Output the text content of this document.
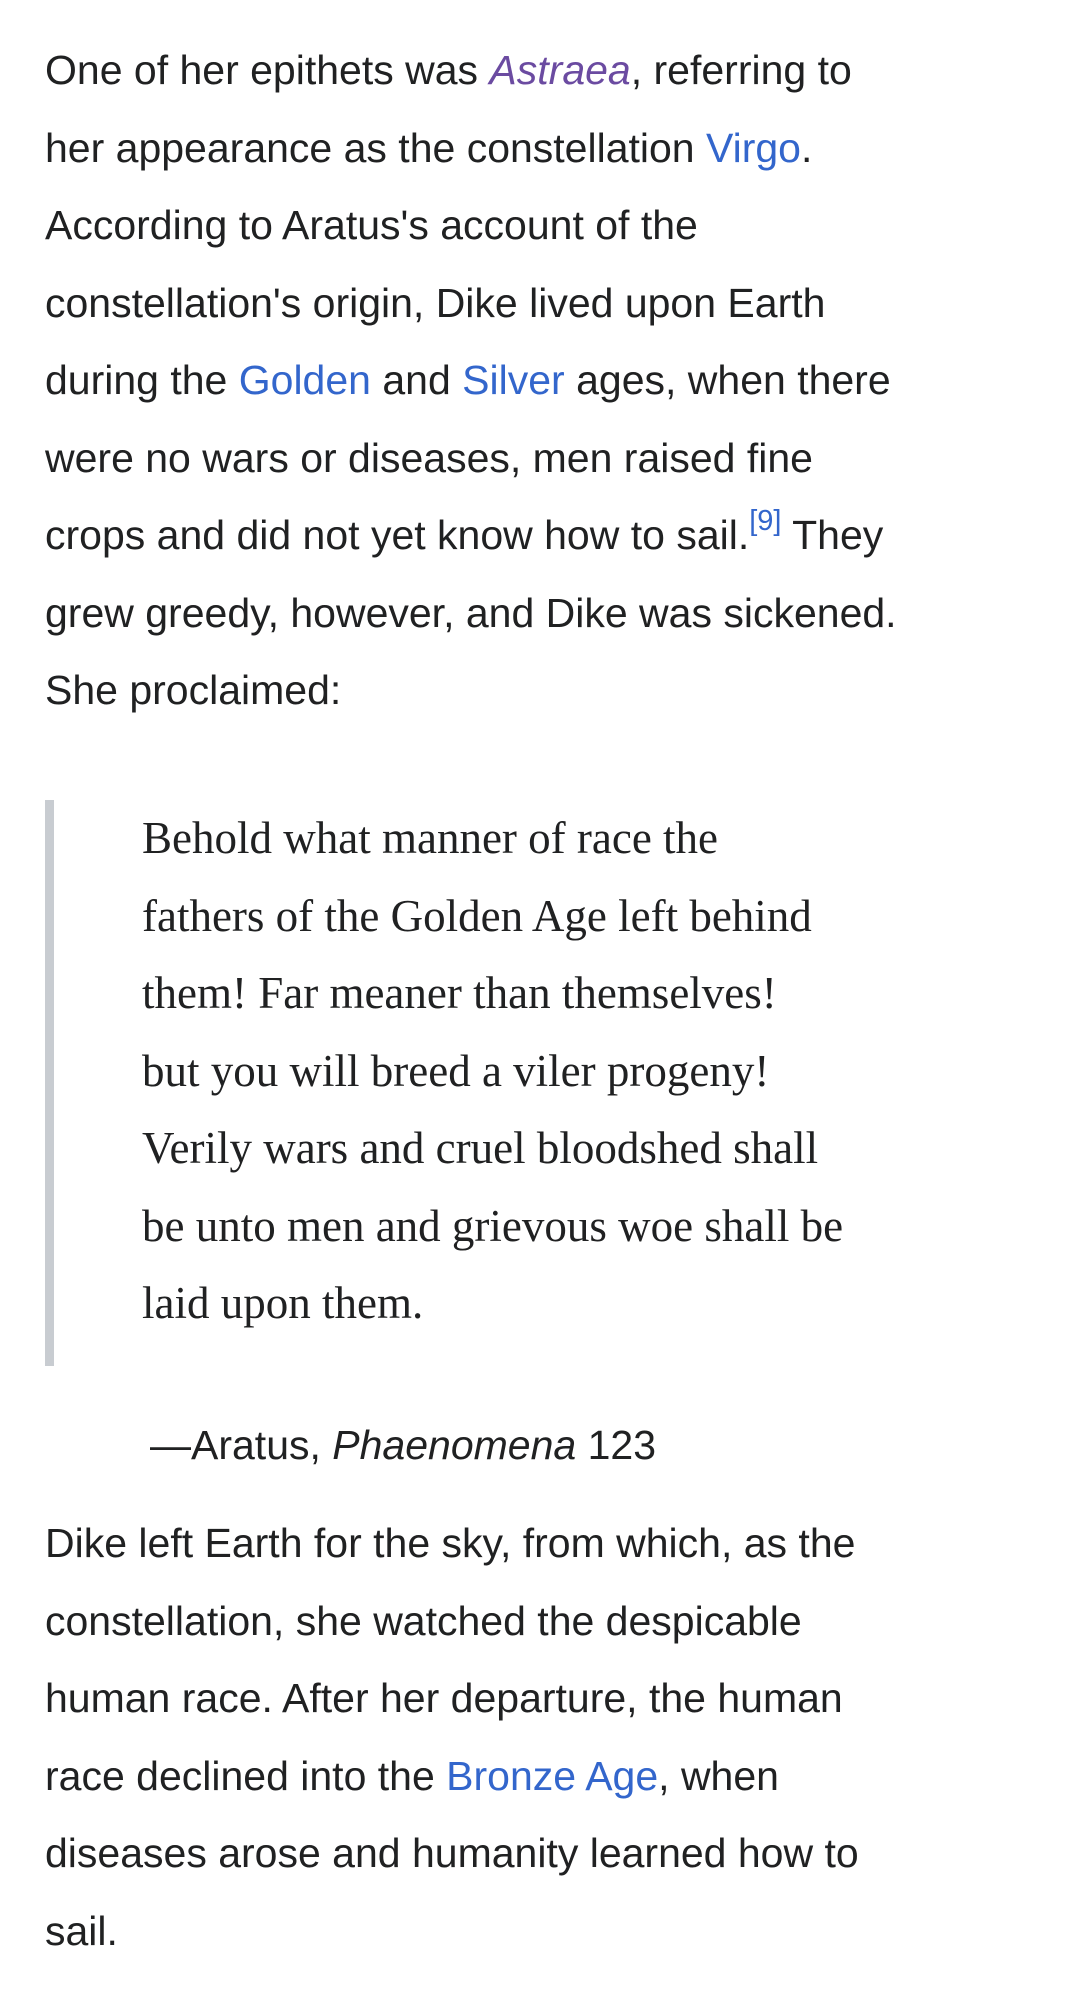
One of her epithets was Astraea, referring to
her appearance as the constellation Virgo.
According to Aratus's account of the
constellation's origin, Dike lived upon Earth
during the Golden and Silver ages, when there
were no wars or diseases, men raised fine
crops and did not yet know how to sail.[9] They
grew greedy, however, and Dike was sickened.
She proclaimed:

Behold what manner of race the
fathers of the Golden Age left behind
them! Far meaner than themselves!
but you will breed a viler progeny!
Verily wars and cruel bloodshed shall
be unto men and grievous woe shall be
laid upon them.

—Aratus, Phaenomena 123

Dike left Earth for the sky, from which, as the
constellation, she watched the despicable
human race. After her departure, the human
race declined into the Bronze Age, when
diseases arose and humanity learned how to
sail.
